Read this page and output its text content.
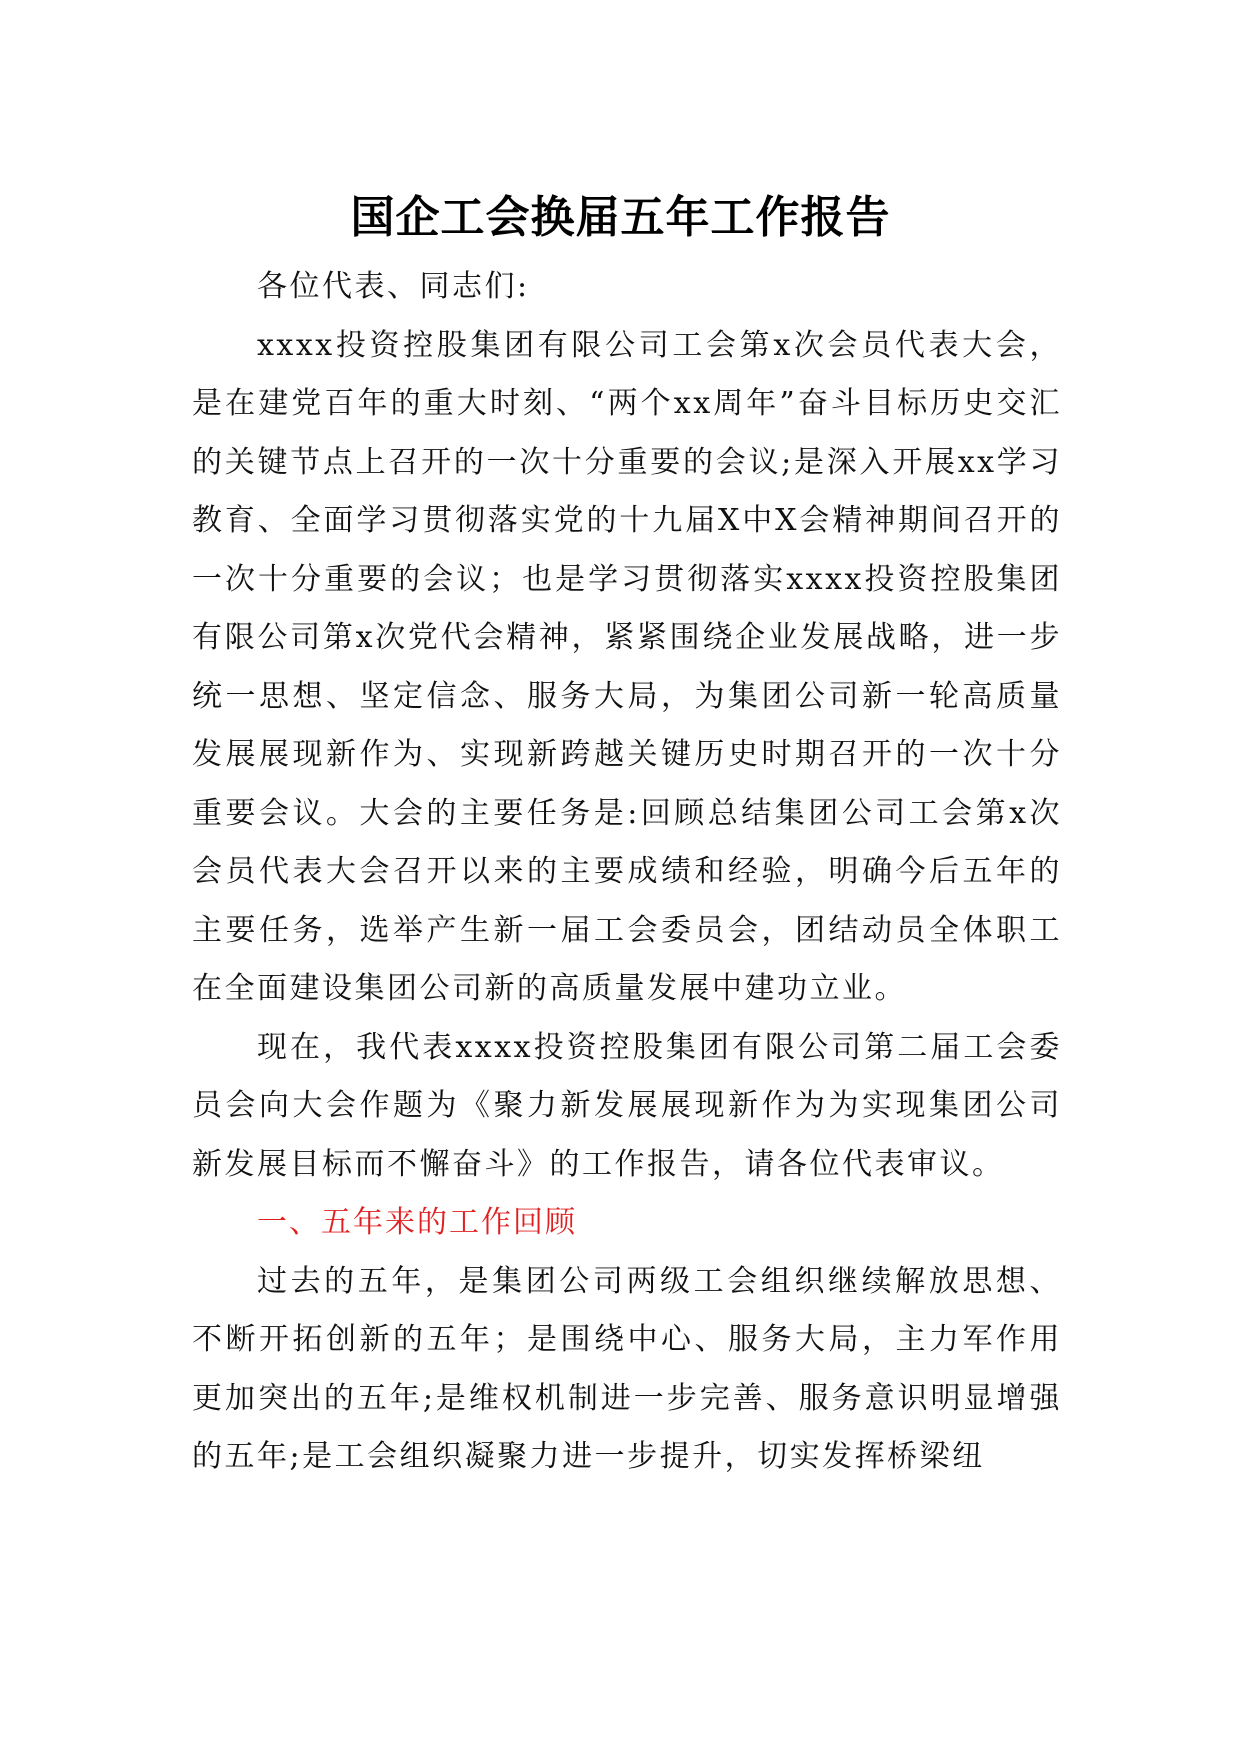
国企工会换届五年工作报告

各位代表、同志们:

xxxx投资控股集团有限公司工会第x次会员代表大会，是在建党百年的重大时刻、“两个xx周年”奋斗目标历史交汇的关键节点上召开的一次十分重要的会议;是深入开展xx学习教育、全面学习贯彻落实党的十九届X中X会精神期间召开的一次十分重要的会议；也是学习贯彻落实xxxx投资控股集团有限公司第x次党代会精神，紧紧围绕企业发展战略，进一步统一思想、坚定信念、服务大局，为集团公司新一轮高质量发展展现新作为、实现新跨越关键历史时期召开的一次十分重要会议。大会的主要任务是:回顾总结集团公司工会第x次会员代表大会召开以来的主要成绩和经验，明确今后五年的主要任务，选举产生新一届工会委员会，团结动员全体职工在全面建设集团公司新的高质量发展中建功立业。

现在，我代表xxxx投资控股集团有限公司第二届工会委员会向大会作题为《聚力新发展展现新作为为实现集团公司新发展目标而不懈奋斗》的工作报告，请各位代表审议。

一、五年来的工作回顾

过去的五年，是集团公司两级工会组织继续解放思想、不断开拓创新的五年；是围绕中心、服务大局，主力军作用更加突出的五年;是维权机制进一步完善、服务意识明显增强的五年;是工会组织凝聚力进一步提升，切实发挥桥梁纽
